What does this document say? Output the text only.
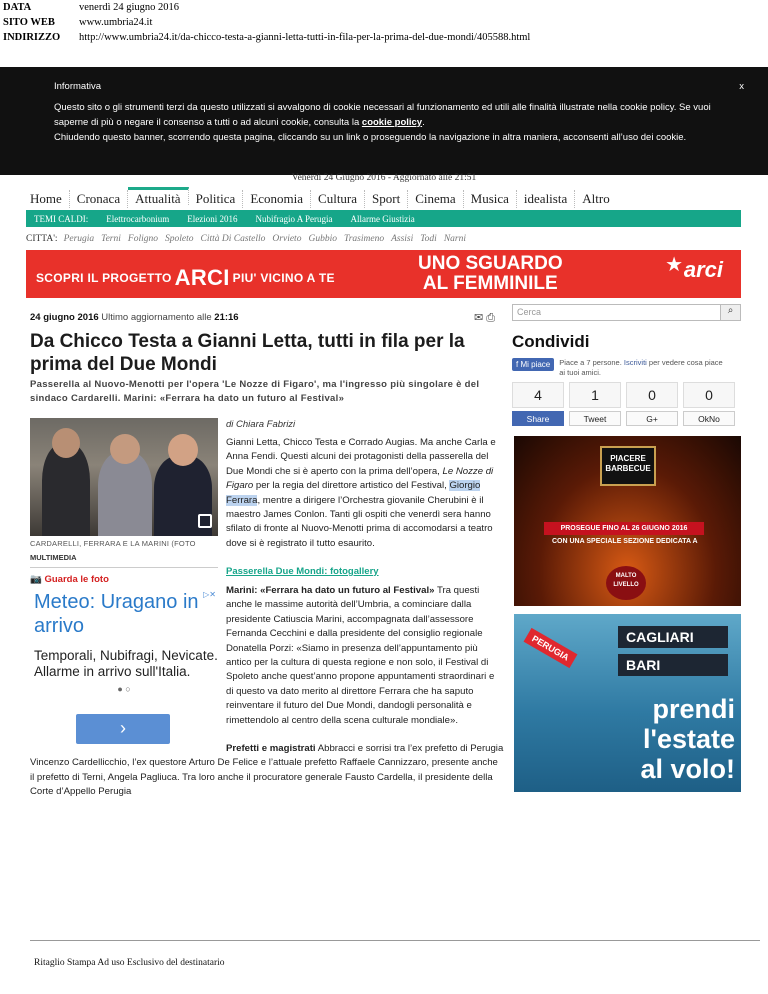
DATA	venerdì 24 giugno 2016
SITO WEB	www.umbria24.it
INDIRIZZO	http://www.umbria24.it/da-chicco-testa-a-gianni-letta-tutti-in-fila-per-la-prima-del-due-mondi/405588.html
Informativa	x
Questo sito o gli strumenti terzi da questo utilizzati si avvalgono di cookie necessari al funzionamento ed utili alle finalità illustrate nella cookie policy. Se vuoi saperne di più o negare il consenso a tutti o ad alcuni cookie, consulta la cookie policy.
Chiudendo questo banner, scorrendo questa pagina, cliccando su un link o proseguendo la navigazione in altra maniera, acconsenti all’uso dei cookie.
Venerdì 24 Giugno 2016 - Aggiornato alle 21:51
Home	Cronaca	Attualità	Politica	Economia	Cultura	Sport	Cinema	Musica	idealista	Altro
TEMI CALDI: Elettrocarbonium Elezioni 2016 Nubifragio A Perugia Allarme Giustizia
CITTA': Perugia Terni Foligno Spoleto Città Di Castello Orvieto Gubbio Trasimeno Assisi Todi Narni
SCOPRI IL PROGETTO ARCI PIU' VICINO A TE
UNO SGUARDO
AL FEMMINILE
★ arci
24 giugno 2016 Ultimo aggiornamento alle 21:16	✉ ⎙
Da Chicco Testa a Gianni Letta, tutti in fila per la prima del Due Mondi
Passerella al Nuovo-Menotti per l'opera 'Le Nozze di Figaro', ma l'ingresso più singolare è del sindaco Cardarelli. Marini: «Ferrara ha dato un futuro al Festival»
CARDARELLI, FERRARA E LA MARINI (FOTO
MULTIMEDIA
📷 Guarda le foto
▷✕
Meteo: Uragano in arrivo
Temporali, Nubifragi, Nevicate. Allarme in arrivo sull'Italia.
● ○
›
di Chiara Fabrizi
Gianni Letta, Chicco Testa e Corrado Augias. Ma anche Carla e Anna Fendi. Questi alcuni dei protagonisti della passerella del Due Mondi che si è aperto con la prima dell’opera, Le Nozze di Figaro per la regia del direttore artistico del Festival, Giorgio Ferrara, mentre a dirigere l’Orchestra giovanile Cherubini è il maestro James Conlon. Tanti gli ospiti che venerdì sera hanno sfilato di fronte al Nuovo-Menotti prima di accomodarsi a teatro dove si è registrato il tutto esaurito.
Passerella Due Mondi: fotogallery
Marini: «Ferrara ha dato un futuro al Festival» Tra questi anche le massime autorità dell’Umbria, a cominciare dalla presidente Catiuscia Marini, accompagnata dall’assessore Fernanda Cecchini e dalla presidente del consiglio regionale Donatella Porzi: «Siamo in presenza dell’appuntamento più antico per la cultura di questa regione e non solo, il Festival di Spoleto anche quest’anno propone appuntamenti straordinari e di questo va dato merito al direttore Ferrara che ha saputo reinventare il futuro del Due Mondi, dandogli personalità e rimettendolo al centro della scena culturale mondiale».
Prefetti e magistrati Abbracci e sorrisi tra l’ex prefetto di Perugia Vincenzo Cardellicchio, l’ex questore Arturo De Felice e l’attuale prefetto Raffaele Cannizzaro, presente anche il prefetto di Terni, Angela Pagliuca. Tra loro anche il procuratore generale Fausto Cardella, il presidente della Corte d’Appello Perugia
Cerca	⌕
Condividi
f Mi piace	Piace a 7 persone. Iscriviti per vedere cosa piace ai tuoi amici.
4	1	0	0
Share	Tweet	G+	OkNo
PIACERE BARBECUE
PROSEGUE FINO AL 26 GIUGNO 2016
CON UNA SPECIALE SEZIONE DEDICATA A
MALTO LIVELLO
CAGLIARI
BARI
PERUGIA
prendi
l'estate
al volo!
Ritaglio Stampa Ad uso Esclusivo del destinatario
